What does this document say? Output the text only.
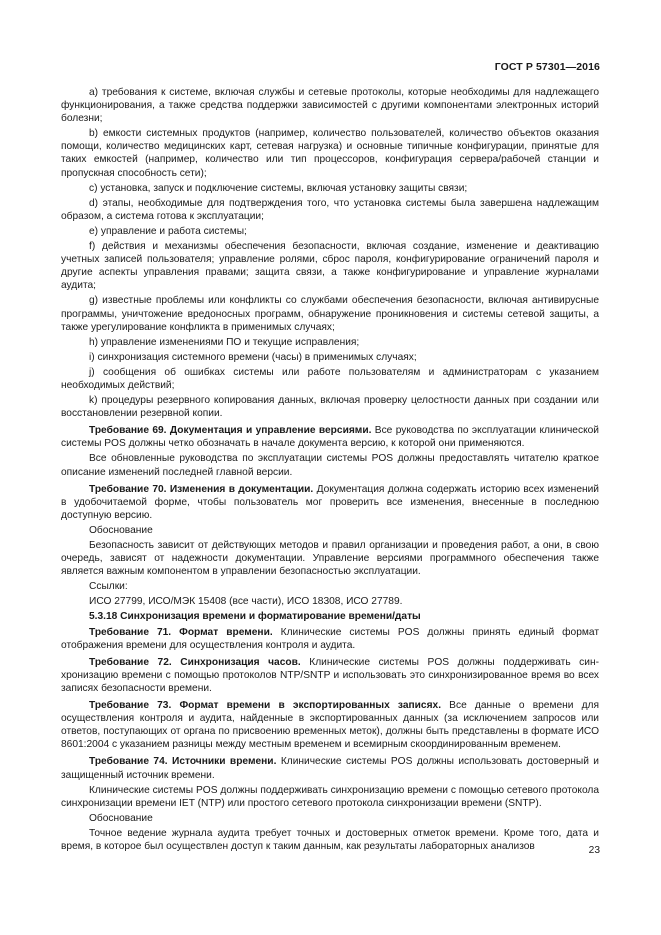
ГОСТ Р 57301—2016

а) требования к системе, включая службы и сетевые протоколы, которые необходимы для надлежащего функционирования, а также средства поддержки зависимостей с другими компонентами электронных историй болезни;

b) емкости системных продуктов (например, количество пользователей, количество объектов оказания помощи, количество медицинских карт, сетевая нагрузка) и основные типичные конфигурации, принятые для таких емкостей (например, количество или тип процессоров, конфигурация сервера/рабочей станции и пропускная способность сети);

c) установка, запуск и подключение системы, включая установку защиты связи;

d) этапы, необходимые для подтверждения того, что установка системы была завершена надлежащим образом, а система готова к эксплуатации;

e) управление и работа системы;

f) действия и механизмы обеспечения безопасности, включая создание, изменение и деактивацию учетных записей пользователя; управление ролями, сброс пароля, конфигурирование ограничений пароля и другие аспекты управления правами; защита связи, а также конфигурирование и управление журналами аудита;

g) известные проблемы или конфликты со службами обеспечения безопасности, включая антивирусные программы, уничтожение вредоносных программ, обнаружение проникновения и системы сетевой защиты, а также урегулирование конфликта в применимых случаях;

h) управление изменениями ПО и текущие исправления;

i) синхронизация системного времени (часы) в применимых случаях;

j) сообщения об ошибках системы или работе пользователям и администраторам с указанием необходимых действий;

k) процедуры резервного копирования данных, включая проверку целостности данных при создании или восстановлении резервной копии.

Требование 69. Документация и управление версиями. Все руководства по эксплуатации клинической системы POS должны четко обозначать в начале документа версию, к которой они применяются.

Все обновленные руководства по эксплуатации системы POS должны предоставлять читателю краткое описание изменений последней главной версии.

Требование 70. Изменения в документации. Документация должна содержать историю всех изменений в удобочитаемой форме, чтобы пользователь мог проверить все изменения, внесенные в последнюю доступную версию.

Обоснование

Безопасность зависит от действующих методов и правил организации и проведения работ, а они, в свою очередь, зависят от надежности документации. Управление версиями программного обеспечения также является важным компонентом в управлении безопасностью эксплуатации.

Ссылки:

ИСО 27799, ИСО/МЭК 15408 (все части), ИСО 18308, ИСО 27789.

5.3.18 Синхронизация времени и форматирование времени/даты

Требование 71. Формат времени. Клинические системы POS должны принять единый формат отображения времени для осуществления контроля и аудита.

Требование 72. Синхронизация часов. Клинические системы POS должны поддерживать синхронизацию времени с помощью протоколов NTP/SNTP и использовать это синхронизированное время во всех записях безопасности времени.

Требование 73. Формат времени в экспортированных записях. Все данные о времени для осуществления контроля и аудита, найденные в экспортированных данных (за исключением запросов или ответов, поступающих от органа по присвоению временных меток), должны быть представлены в формате ИСО 8601:2004 с указанием разницы между местным временем и всемирным скоординированным временем.

Требование 74. Источники времени. Клинические системы POS должны использовать достоверный и защищенный источник времени.

Клинические системы POS должны поддерживать синхронизацию времени с помощью сетевого протокола синхронизации времени IET (NTP) или простого сетевого протокола синхронизации времени (SNTP).

Обоснование

Точное ведение журнала аудита требует точных и достоверных отметок времени. Кроме того, дата и время, в которое был осуществлен доступ к таким данным, как результаты лабораторных анализов	23
